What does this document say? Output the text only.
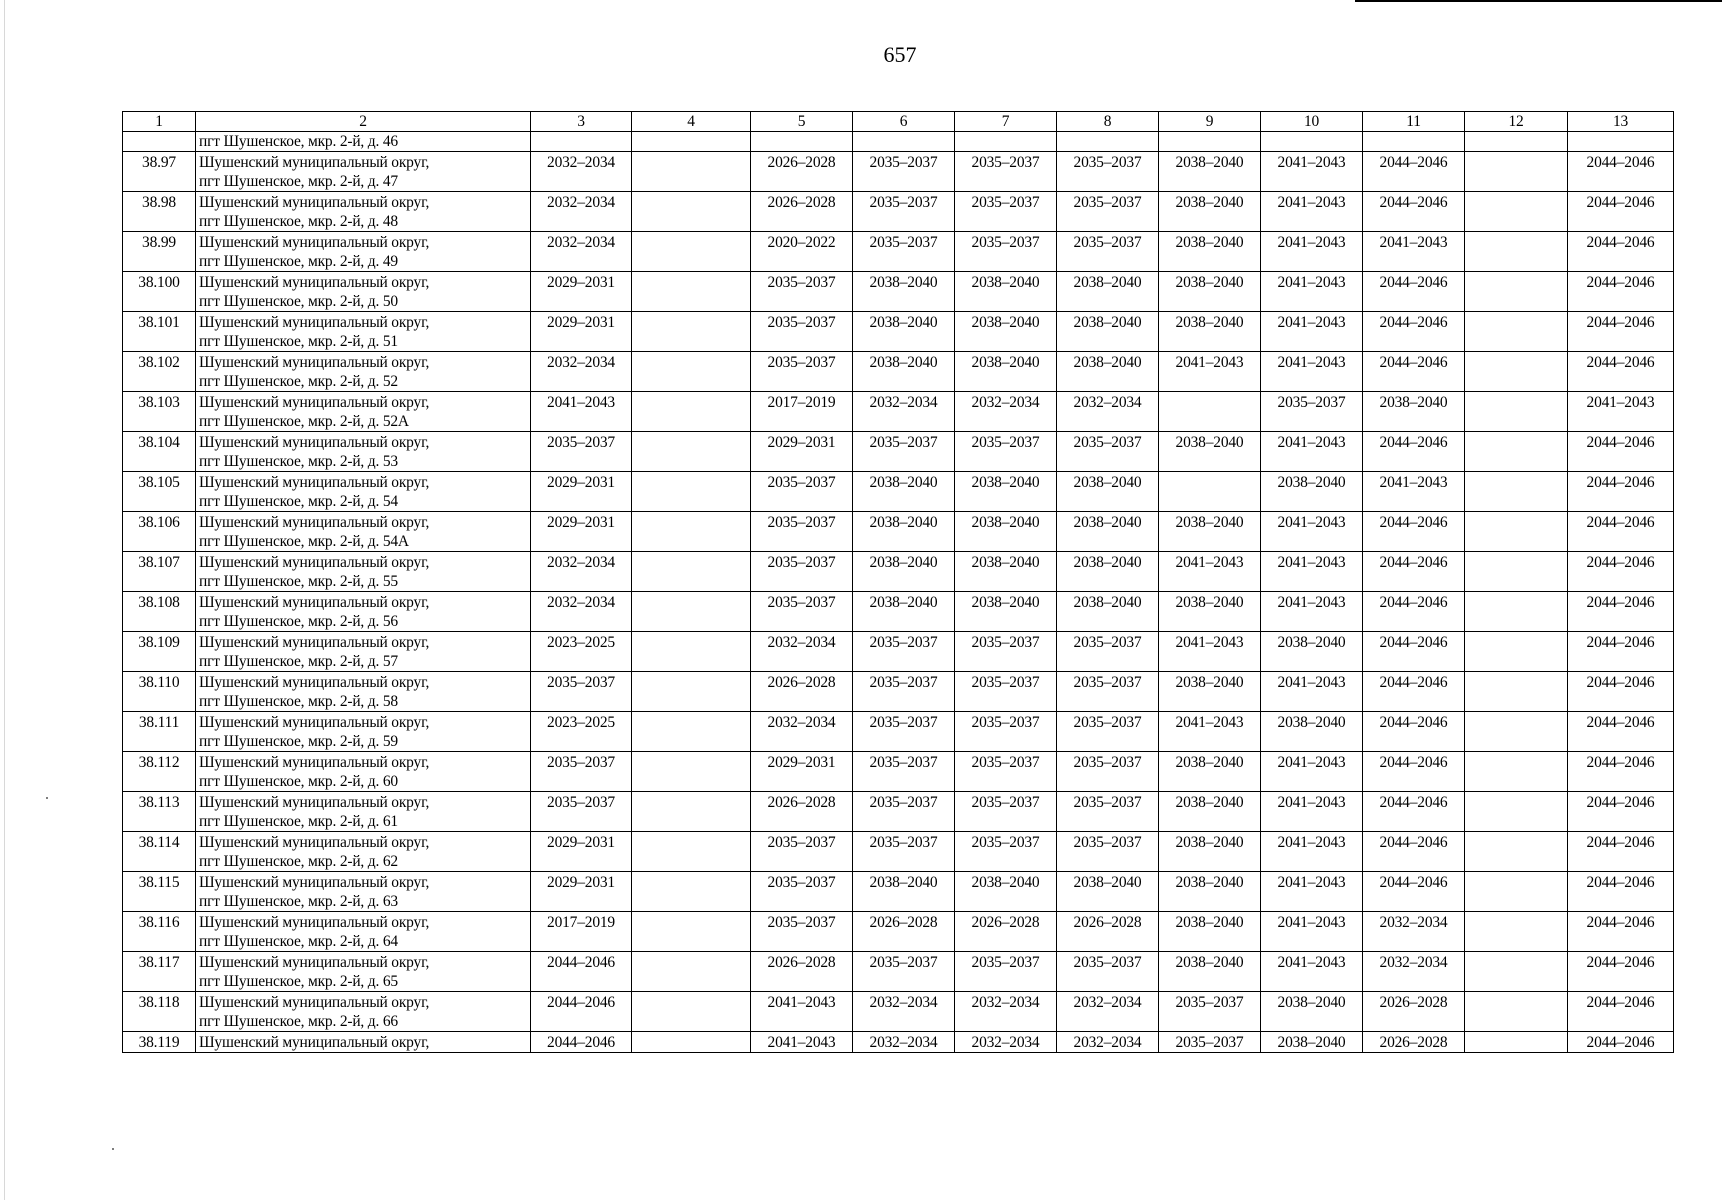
657
1	2	3	4	5	6	7	8	9	10	11	12	13

	пгт Шушенское, мкр. 2-й, д. 46											

38.97	Шушенский муниципальный округ,
пгт Шушенское, мкр. 2-й, д. 47	2032–2034		2026–2028	2035–2037	2035–2037	2035–2037	2038–2040	2041–2043	2044–2046		2044–2046
38.98	Шушенский муниципальный округ,
пгт Шушенское, мкр. 2-й, д. 48	2032–2034		2026–2028	2035–2037	2035–2037	2035–2037	2038–2040	2041–2043	2044–2046		2044–2046
38.99	Шушенский муниципальный округ,
пгт Шушенское, мкр. 2-й, д. 49	2032–2034		2020–2022	2035–2037	2035–2037	2035–2037	2038–2040	2041–2043	2041–2043		2044–2046
38.100	Шушенский муниципальный округ,
пгт Шушенское, мкр. 2-й, д. 50	2029–2031		2035–2037	2038–2040	2038–2040	2038–2040	2038–2040	2041–2043	2044–2046		2044–2046
38.101	Шушенский муниципальный округ,
пгт Шушенское, мкр. 2-й, д. 51	2029–2031		2035–2037	2038–2040	2038–2040	2038–2040	2038–2040	2041–2043	2044–2046		2044–2046
38.102	Шушенский муниципальный округ,
пгт Шушенское, мкр. 2-й, д. 52	2032–2034		2035–2037	2038–2040	2038–2040	2038–2040	2041–2043	2041–2043	2044–2046		2044–2046
38.103	Шушенский муниципальный округ,
пгт Шушенское, мкр. 2-й, д. 52А	2041–2043		2017–2019	2032–2034	2032–2034	2032–2034		2035–2037	2038–2040		2041–2043
38.104	Шушенский муниципальный округ,
пгт Шушенское, мкр. 2-й, д. 53	2035–2037		2029–2031	2035–2037	2035–2037	2035–2037	2038–2040	2041–2043	2044–2046		2044–2046
38.105	Шушенский муниципальный округ,
пгт Шушенское, мкр. 2-й, д. 54	2029–2031		2035–2037	2038–2040	2038–2040	2038–2040		2038–2040	2041–2043		2044–2046
38.106	Шушенский муниципальный округ,
пгт Шушенское, мкр. 2-й, д. 54А	2029–2031		2035–2037	2038–2040	2038–2040	2038–2040	2038–2040	2041–2043	2044–2046		2044–2046
38.107	Шушенский муниципальный округ,
пгт Шушенское, мкр. 2-й, д. 55	2032–2034		2035–2037	2038–2040	2038–2040	2038–2040	2041–2043	2041–2043	2044–2046		2044–2046
38.108	Шушенский муниципальный округ,
пгт Шушенское, мкр. 2-й, д. 56	2032–2034		2035–2037	2038–2040	2038–2040	2038–2040	2038–2040	2041–2043	2044–2046		2044–2046
38.109	Шушенский муниципальный округ,
пгт Шушенское, мкр. 2-й, д. 57	2023–2025		2032–2034	2035–2037	2035–2037	2035–2037	2041–2043	2038–2040	2044–2046		2044–2046
38.110	Шушенский муниципальный округ,
пгт Шушенское, мкр. 2-й, д. 58	2035–2037		2026–2028	2035–2037	2035–2037	2035–2037	2038–2040	2041–2043	2044–2046		2044–2046
38.111	Шушенский муниципальный округ,
пгт Шушенское, мкр. 2-й, д. 59	2023–2025		2032–2034	2035–2037	2035–2037	2035–2037	2041–2043	2038–2040	2044–2046		2044–2046
38.112	Шушенский муниципальный округ,
пгт Шушенское, мкр. 2-й, д. 60	2035–2037		2029–2031	2035–2037	2035–2037	2035–2037	2038–2040	2041–2043	2044–2046		2044–2046
38.113	Шушенский муниципальный округ,
пгт Шушенское, мкр. 2-й, д. 61	2035–2037		2026–2028	2035–2037	2035–2037	2035–2037	2038–2040	2041–2043	2044–2046		2044–2046
38.114	Шушенский муниципальный округ,
пгт Шушенское, мкр. 2-й, д. 62	2029–2031		2035–2037	2035–2037	2035–2037	2035–2037	2038–2040	2041–2043	2044–2046		2044–2046
38.115	Шушенский муниципальный округ,
пгт Шушенское, мкр. 2-й, д. 63	2029–2031		2035–2037	2038–2040	2038–2040	2038–2040	2038–2040	2041–2043	2044–2046		2044–2046
38.116	Шушенский муниципальный округ,
пгт Шушенское, мкр. 2-й, д. 64	2017–2019		2035–2037	2026–2028	2026–2028	2026–2028	2038–2040	2041–2043	2032–2034		2044–2046
38.117	Шушенский муниципальный округ,
пгт Шушенское, мкр. 2-й, д. 65	2044–2046		2026–2028	2035–2037	2035–2037	2035–2037	2038–2040	2041–2043	2032–2034		2044–2046
38.118	Шушенский муниципальный округ,
пгт Шушенское, мкр. 2-й, д. 66	2044–2046		2041–2043	2032–2034	2032–2034	2032–2034	2035–2037	2038–2040	2026–2028		2044–2046
38.119	Шушенский муниципальный округ,	2044–2046		2041–2043	2032–2034	2032–2034	2032–2034	2035–2037	2038–2040	2026–2028		2044–2046
